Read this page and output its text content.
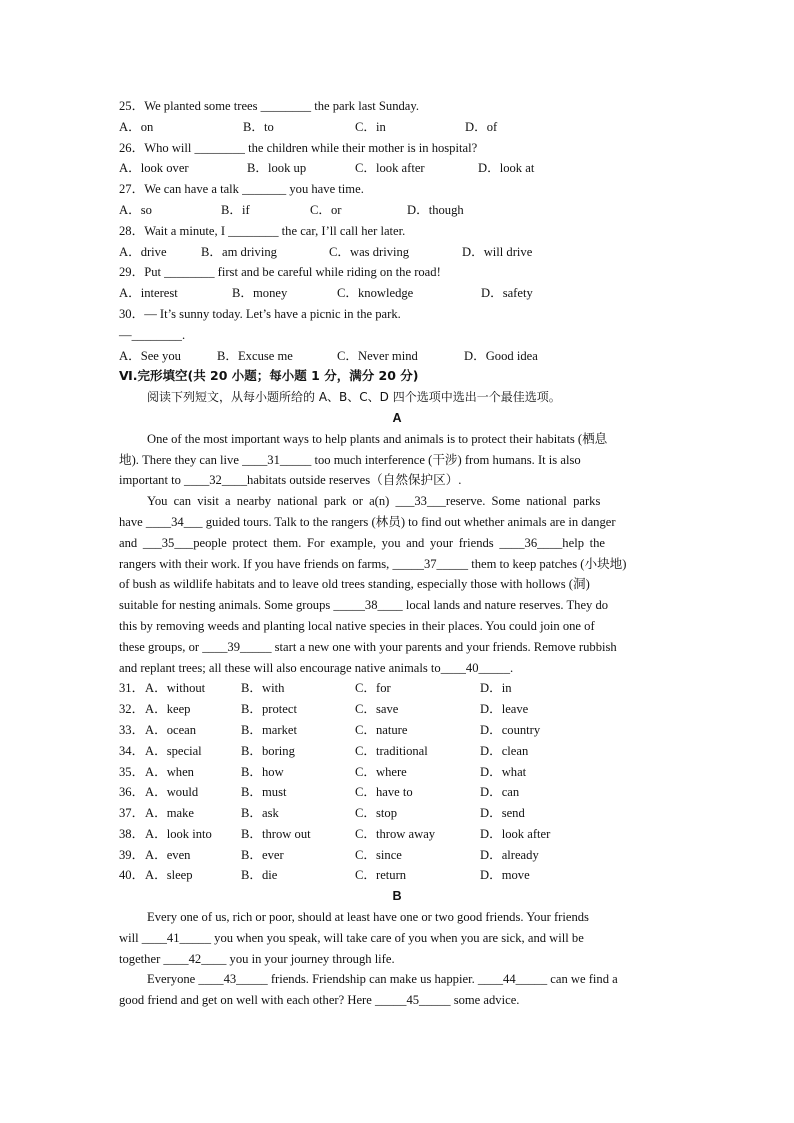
25．We planted some trees ________ the park last Sunday.
A．on	B．to	C．in	D．of
26．Who will ________ the children while their mother is in hospital?
A．look over	B．look up	C．look after	D．look at
27．We can have a talk _______ you have time.
A．so	B．if	C．or	D．though
28．Wait a minute, I ________ the car, I’ll call her later.
A．drive	B．am driving	C．was driving	D．will drive
29．Put ________ first and be careful while riding on the road!
A．interest	B．money	C．knowledge	D．safety
30．— It’s sunny today. Let’s have a picnic in the park.
—________.
A．See you	B．Excuse me	C．Never mind	D．Good idea
Ⅵ.完形填空(共 20 小题；每小题 1 分，满分 20 分)
阅读下列短文，从每小题所给的 A、B、C、D 四个选项中选出一个最佳选项。
A
One of the most important ways to help plants and animals is to protect their habitats (栖息
地). There they can live ____31_____ too much interference (干涉) from humans. It is also
important to ____32____habitats outside reserves（自然保护区）.
You can visit a nearby national park or a(n) ___33___reserve. Some national parks
have ____34___ guided tours. Talk to the rangers (林员) to find out whether animals are in danger
and ___35___people protect them. For example, you and your friends ____36____help the
rangers with their work. If you have friends on farms, _____37_____ them to keep patches (小块地)
of bush as wildlife habitats and to leave old trees standing, especially those with hollows (洞)
suitable for nesting animals. Some groups _____38____ local lands and nature reserves. They do
this by removing weeds and planting local native species in their places. You could join one of
these groups, or ____39_____ start a new one with your parents and your friends. Remove rubbish
and replant trees; all these will also encourage native animals to____40_____.
31． A．without	B．with	C．for	D．in
32． A．keep	B．protect	C．save	D．leave
33． A．ocean	B．market	C．nature	D．country
34． A．special	B．boring	C．traditional	D．clean
35． A．when	B．how	C．where	D．what
36． A．would	B．must	C．have to	D．can
37． A．make	B．ask	C．stop	D．send
38． A．look into B．throw out	C．throw away	D．look after
39． A．even	B．ever	C．since	D．already
40． A．sleep	B．die	C．return	D．move
B
Every one of us, rich or poor, should at least have one or two good friends. Your friends
will ____41_____ you when you speak, will take care of you when you are sick, and will be
together ____42____ you in your journey through life.
Everyone ____43_____ friends. Friendship can make us happier. ____44_____ can we find a
good friend and get on well with each other? Here _____45_____ some advice.
